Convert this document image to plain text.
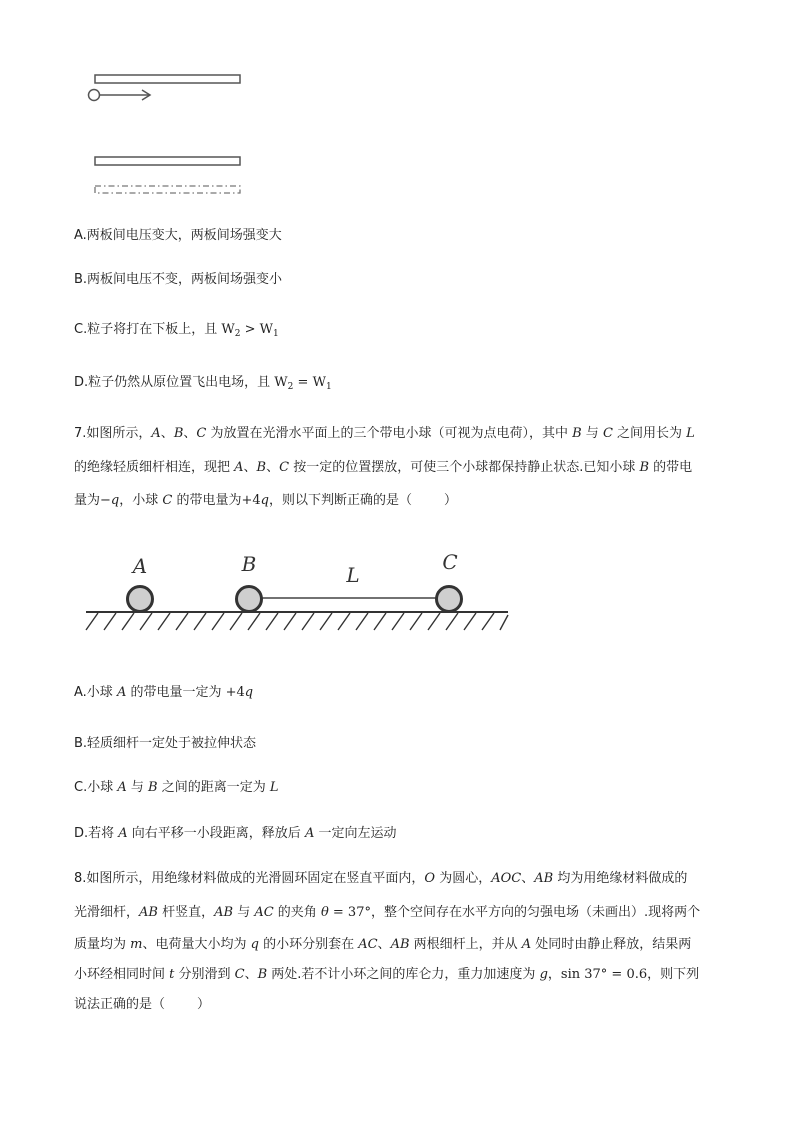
A.两板间电压变大，两板间场强变大
B.两板间电压不变，两板间场强变小
C.粒子将打在下板上，且 $W_2 > W_1$
D.粒子仍然从原位置飞出电场，且 $W_2 = W_1$
7.如图所示，A、B、C 为放置在光滑水平面上的三个带电小球（可视为点电荷），其中 B 与 C 之间用长为 L
的绝缘轻质细杆相连，现把 A、B、C 按一定的位置摆放，可使三个小球都保持静止状态.已知小球 B 的带电
量为−q，小球 C 的带电量为+4q，则以下判断正确的是（ ）
A	B	L
C
A.小球 A 的带电量一定为 +4q
B.轻质细杆一定处于被拉伸状态
C.小球 A 与 B 之间的距离一定为 L
D.若将 A 向右平移一小段距离，释放后 A 一定向左运动
8.如图所示，用绝缘材料做成的光滑圆环固定在竖直平面内，O 为圆心，AOC、AB 均为用绝缘材料做成的
光滑细杆，AB 杆竖直，AB 与 AC 的夹角 θ = 37°，整个空间存在水平方向的匀强电场（未画出）.现将两个
质量均为 m、电荷量大小均为 q 的小环分别套在 AC、AB 两根细杆上，并从 A 处同时由静止释放，结果两
小环经相同时间 t 分别滑到 C、B 两处.若不计小环之间的库仑力，重力加速度为 g，sin 37° = 0.6，则下列
说法正确的是（ ）
